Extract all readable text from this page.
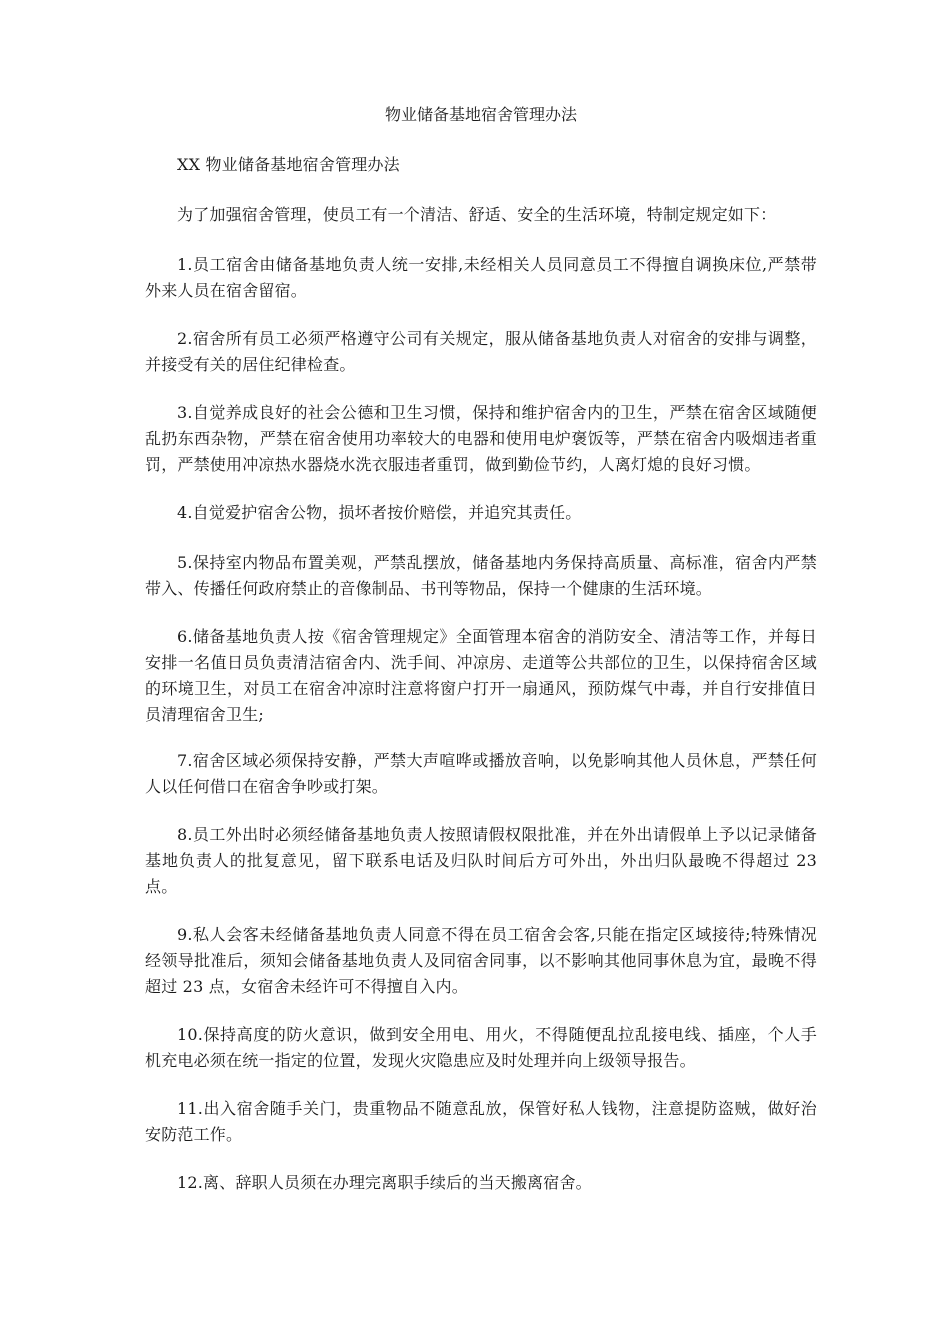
物业储备基地宿舍管理办法

XX 物业储备基地宿舍管理办法

为了加强宿舍管理，使员工有一个清洁、舒适、安全的生活环境，特制定规定如下：

1.员工宿舍由储备基地负责人统一安排,未经相关人员同意员工不得擅自调换床位,严禁带外来人员在宿舍留宿。

2.宿舍所有员工必须严格遵守公司有关规定，服从储备基地负责人对宿舍的安排与调整，并接受有关的居住纪律检查。

3.自觉养成良好的社会公德和卫生习惯，保持和维护宿舍内的卫生，严禁在宿舍区域随便乱扔东西杂物，严禁在宿舍使用功率较大的电器和使用电炉褒饭等，严禁在宿舍内吸烟违者重罚，严禁使用冲凉热水器烧水洗衣服违者重罚，做到勤俭节约，人离灯熄的良好习惯。

4.自觉爱护宿舍公物，损坏者按价赔偿，并追究其责任。

5.保持室内物品布置美观，严禁乱摆放，储备基地内务保持高质量、高标准，宿舍内严禁带入、传播任何政府禁止的音像制品、书刊等物品，保持一个健康的生活环境。

6.储备基地负责人按《宿舍管理规定》全面管理本宿舍的消防安全、清洁等工作，并每日安排一名值日员负责清洁宿舍内、洗手间、冲凉房、走道等公共部位的卫生，以保持宿舍区域的环境卫生，对员工在宿舍冲凉时注意将窗户打开一扇通风，预防煤气中毒，并自行安排值日员清理宿舍卫生;

7.宿舍区域必须保持安静，严禁大声喧哗或播放音响，以免影响其他人员休息，严禁任何人以任何借口在宿舍争吵或打架。

8.员工外出时必须经储备基地负责人按照请假权限批准，并在外出请假单上予以记录储备基地负责人的批复意见，留下联系电话及归队时间后方可外出，外出归队最晚不得超过 23 点。

9.私人会客未经储备基地负责人同意不得在员工宿舍会客,只能在指定区域接待;特殊情况经领导批准后，须知会储备基地负责人及同宿舍同事，以不影响其他同事休息为宜，最晚不得超过 23 点，女宿舍未经许可不得擅自入内。

10.保持高度的防火意识，做到安全用电、用火，不得随便乱拉乱接电线、插座，个人手机充电必须在统一指定的位置，发现火灾隐患应及时处理并向上级领导报告。

11.出入宿舍随手关门，贵重物品不随意乱放，保管好私人钱物，注意提防盗贼，做好治安防范工作。

12.离、辞职人员须在办理完离职手续后的当天搬离宿舍。
